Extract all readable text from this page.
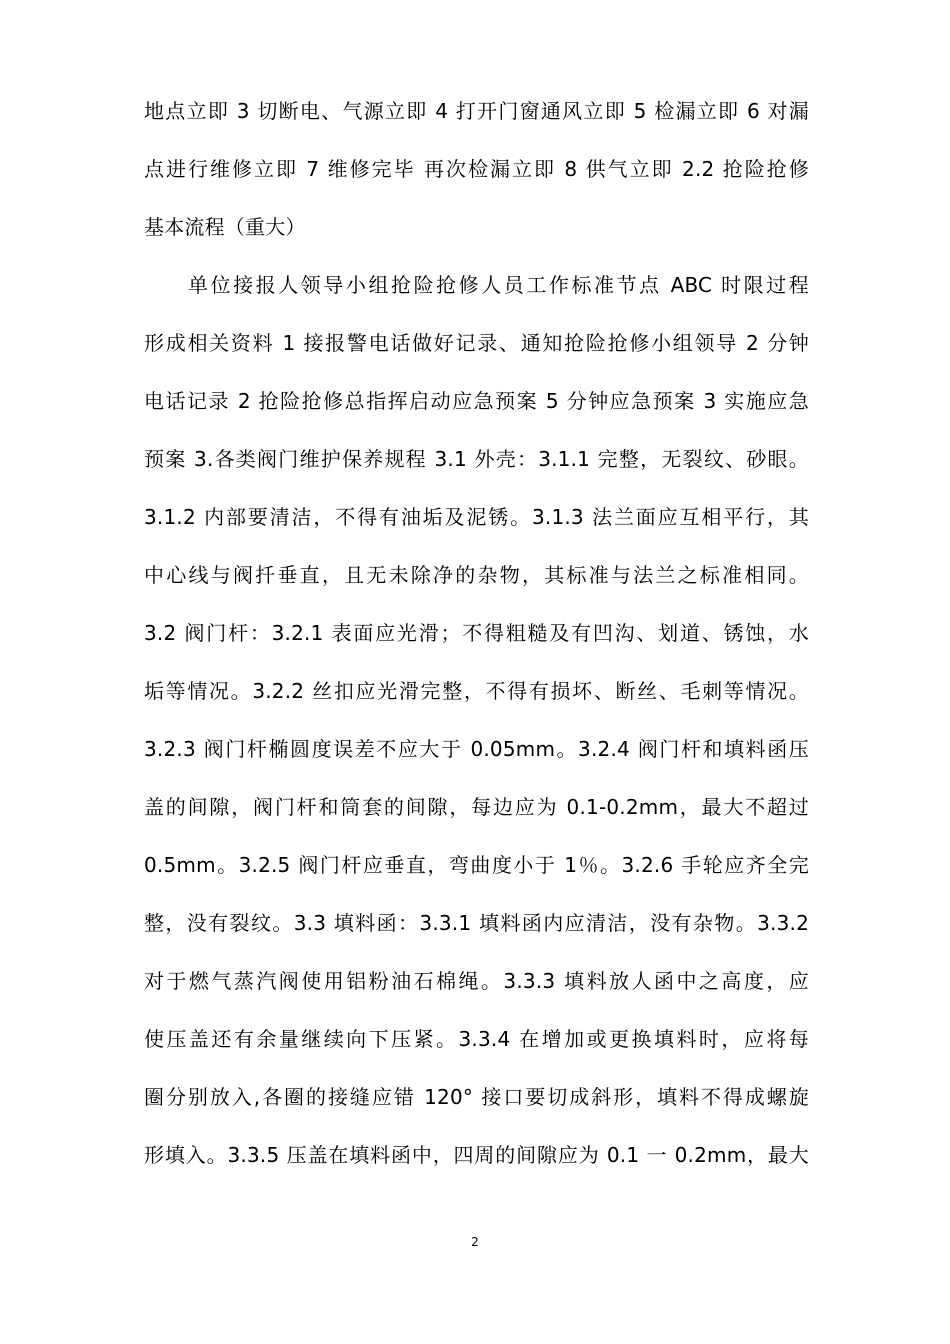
地点立即 3 切断电、气源立即 4 打开门窗通风立即 5 检漏立即 6 对漏
点进行维修立即 7 维修完毕 再次检漏立即 8 供气立即 2.2 抢险抢修
基本流程（重大）
单位接报人领导小组抢险抢修人员工作标准节点 ABC 时限过程
形成相关资料 1 接报警电话做好记录、通知抢险抢修小组领导 2 分钟
电话记录 2 抢险抢修总指挥启动应急预案 5 分钟应急预案 3 实施应急
预案 3.各类阀门维护保养规程 3.1 外壳：3.1.1 完整，无裂纹、砂眼。
3.1.2 内部要清洁，不得有油垢及泥锈。3.1.3 法兰面应互相平行，其
中心线与阀扦垂直，且无未除净的杂物，其标准与法兰之标准相同。
3.2 阀门杆：3.2.1 表面应光滑；不得粗糙及有凹沟、划道、锈蚀，水
垢等情况。3.2.2 丝扣应光滑完整，不得有损坏、断丝、毛刺等情况。
3.2.3 阀门杆椭圆度误差不应大于 0.05mm。3.2.4 阀门杆和填料函压
盖的间隙，阀门杆和筒套的间隙，每边应为 0.1-0.2mm，最大不超过
0.5mm。3.2.5 阀门杆应垂直，弯曲度小于 1％。3.2.6 手轮应齐全完
整，没有裂纹。3.3 填料函：3.3.1 填料函内应清洁，没有杂物。3.3.2
对于燃气蒸汽阀使用铝粉油石棉绳。3.3.3 填料放人函中之高度，应
使压盖还有余量继续向下压紧。3.3.4 在增加或更换填料时，应将每
圈分别放入,各圈的接缝应错 120° 接口要切成斜形，填料不得成螺旋
形填入。3.3.5 压盖在填料函中，四周的间隙应为 0.1 一 0.2mm，最大
2
